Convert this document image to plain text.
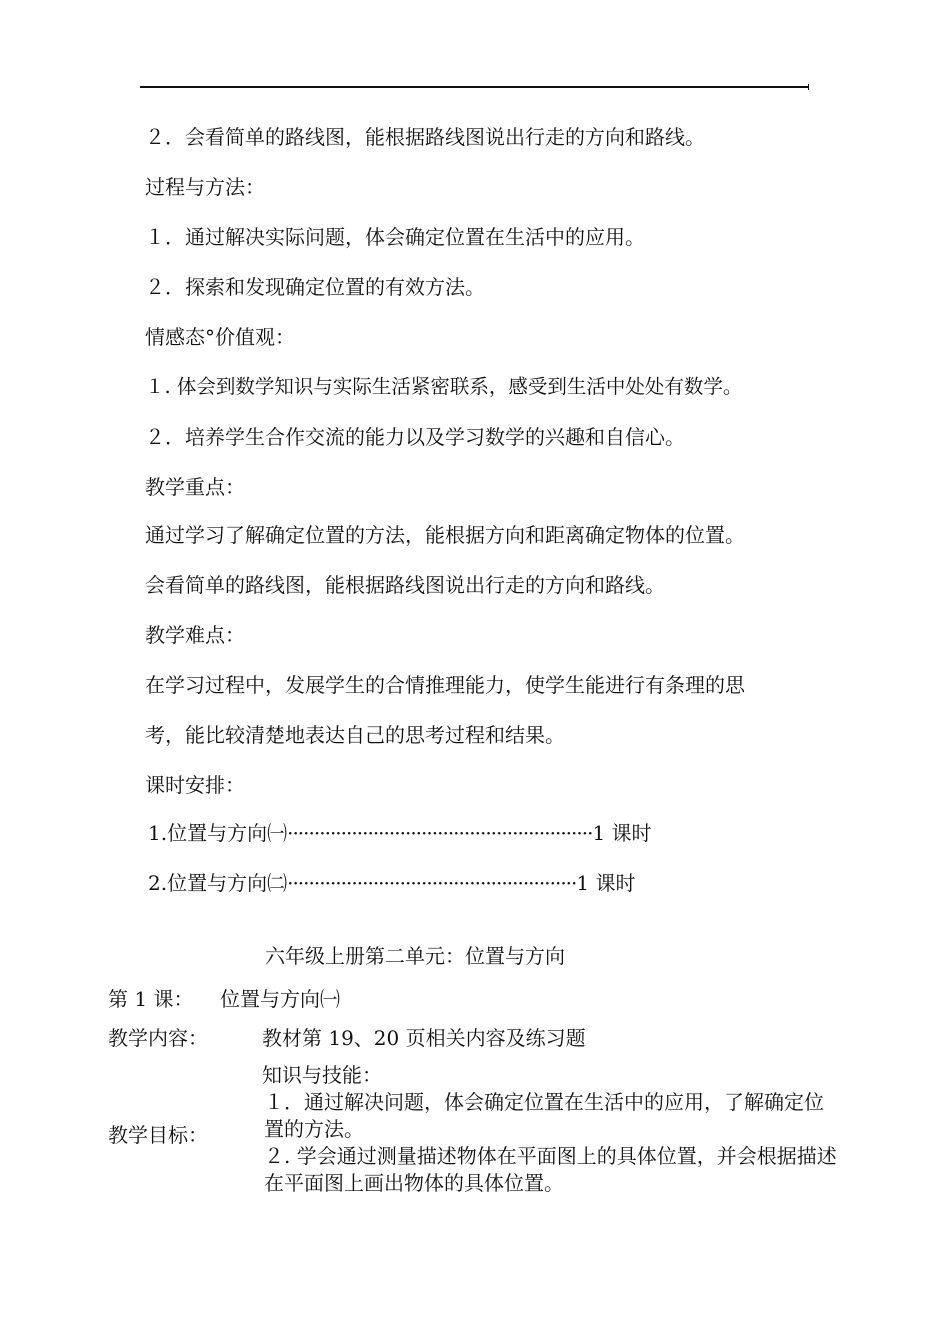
２．会看简单的路线图，能根据路线图说出行走的方向和路线。
过程与方法：
１．通过解决实际问题，体会确定位置在生活中的应用。
２．探索和发现确定位置的有效方法。
情感态°价值观：
１. 体会到数学知识与实际生活紧密联系，感受到生活中处处有数学。
２．培养学生合作交流的能力以及学习数学的兴趣和自信心。
教学重点：
通过学习了解确定位置的方法，能根据方向和距离确定物体的位置。
会看简单的路线图，能根据路线图说出行走的方向和路线。
教学难点：
在学习过程中，发展学生的合情推理能力，使学生能进行有条理的思
考，能比较清楚地表达自己的思考过程和结果。
课时安排：
1.位置与方向㈠·························································1 课时
2.位置与方向㈡······················································1 课时
六年级上册第二单元：位置与方向
第 1 课： 位置与方向㈠
教学内容：	教材第 19、20 页相关内容及练习题
教学目标：

知识与技能：

１．通过解决问题，体会确定位置在生活中的应用，了解确定位置的方法。

２. 学会通过测量描述物体在平面图上的具体位置，并会根据描述在平面图上画出物体的具体位置。
